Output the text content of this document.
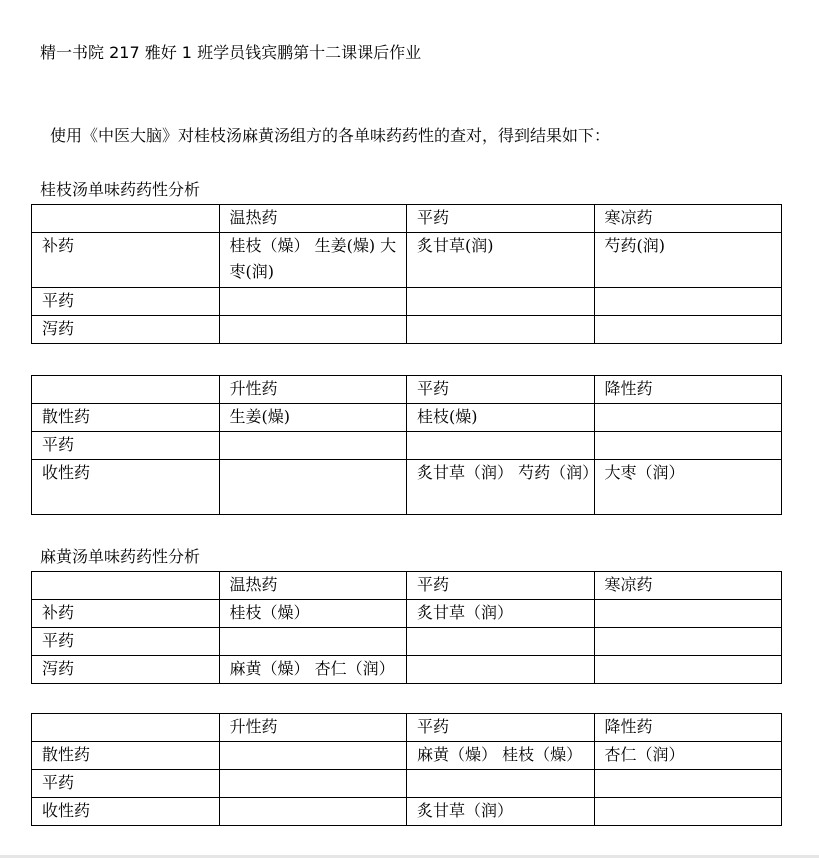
精一书院 217 雅好 1 班学员钱宾鹏第十二课课后作业
使用《中医大脑》对桂枝汤麻黄汤组方的各单味药药性的查对，得到结果如下：
桂枝汤单味药药性分析
	温热药	平药	寒凉药
补药	桂枝（燥） 生姜(燥) 大枣(润)	炙甘草(润)	芍药(润)
平药			
泻药			
	升性药	平药	降性药
散性药	生姜(燥)	桂枝(燥)	
平药			
收性药		炙甘草（润） 芍药（润）	大枣（润）
麻黄汤单味药药性分析
	温热药	平药	寒凉药
补药	桂枝（燥）	炙甘草（润）	
平药			
泻药	麻黄（燥） 杏仁（润）		
	升性药	平药	降性药
散性药		麻黄（燥） 桂枝（燥）	杏仁（润）
平药			
收性药		炙甘草（润）	
